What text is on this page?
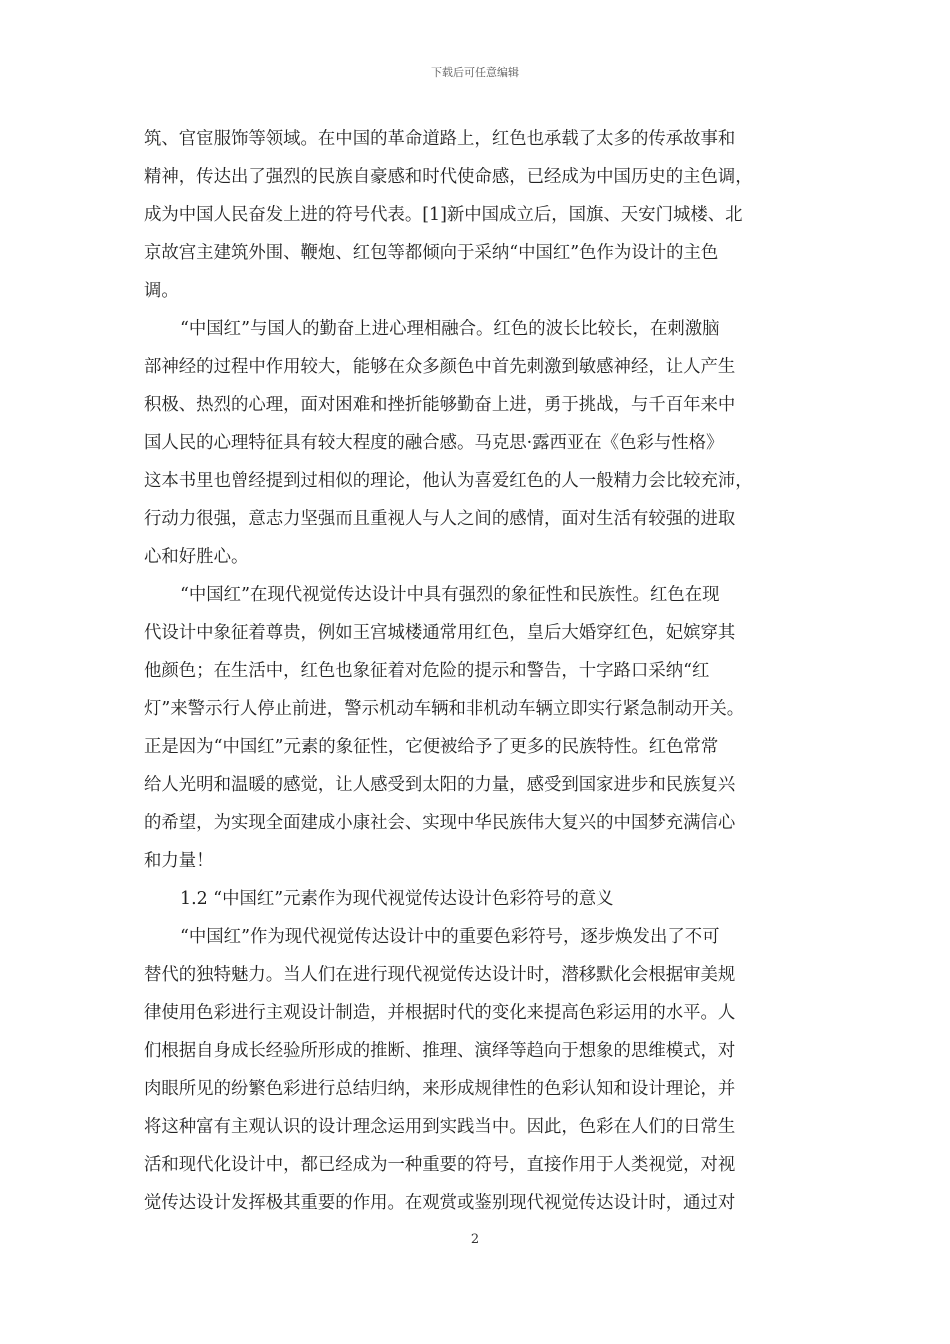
下载后可任意编辑
筑、官宦服饰等领域。在中国的革命道路上，红色也承载了太多的传承故事和
精神，传达出了强烈的民族自豪感和时代使命感，已经成为中国历史的主色调，
成为中国人民奋发上进的符号代表。[1]新中国成立后，国旗、天安门城楼、北
京故宫主建筑外围、鞭炮、红包等都倾向于采纳“中国红”色作为设计的主色
调。
“中国红”与国人的勤奋上进心理相融合。红色的波长比较长，在刺激脑
部神经的过程中作用较大，能够在众多颜色中首先刺激到敏感神经，让人产生
积极、热烈的心理，面对困难和挫折能够勤奋上进，勇于挑战，与千百年来中
国人民的心理特征具有较大程度的融合感。马克思·露西亚在《色彩与性格》
这本书里也曾经提到过相似的理论，他认为喜爱红色的人一般精力会比较充沛，
行动力很强，意志力坚强而且重视人与人之间的感情，面对生活有较强的进取
心和好胜心。
“中国红”在现代视觉传达设计中具有强烈的象征性和民族性。红色在现
代设计中象征着尊贵，例如王宫城楼通常用红色，皇后大婚穿红色，妃嫔穿其
他颜色；在生活中，红色也象征着对危险的提示和警告，十字路口采纳“红
灯”来警示行人停止前进，警示机动车辆和非机动车辆立即实行紧急制动开关。
正是因为“中国红”元素的象征性，它便被给予了更多的民族特性。红色常常
给人光明和温暖的感觉，让人感受到太阳的力量，感受到国家进步和民族复兴
的希望，为实现全面建成小康社会、实现中华民族伟大复兴的中国梦充满信心
和力量！
1.2 “中国红”元素作为现代视觉传达设计色彩符号的意义
“中国红”作为现代视觉传达设计中的重要色彩符号，逐步焕发出了不可
替代的独特魅力。当人们在进行现代视觉传达设计时，潜移默化会根据审美规
律使用色彩进行主观设计制造，并根据时代的变化来提高色彩运用的水平。人
们根据自身成长经验所形成的推断、推理、演绎等趋向于想象的思维模式，对
肉眼所见的纷繁色彩进行总结归纳，来形成规律性的色彩认知和设计理论，并
将这种富有主观认识的设计理念运用到实践当中。因此，色彩在人们的日常生
活和现代化设计中，都已经成为一种重要的符号，直接作用于人类视觉，对视
觉传达设计发挥极其重要的作用。在观赏或鉴别现代视觉传达设计时，通过对
2
